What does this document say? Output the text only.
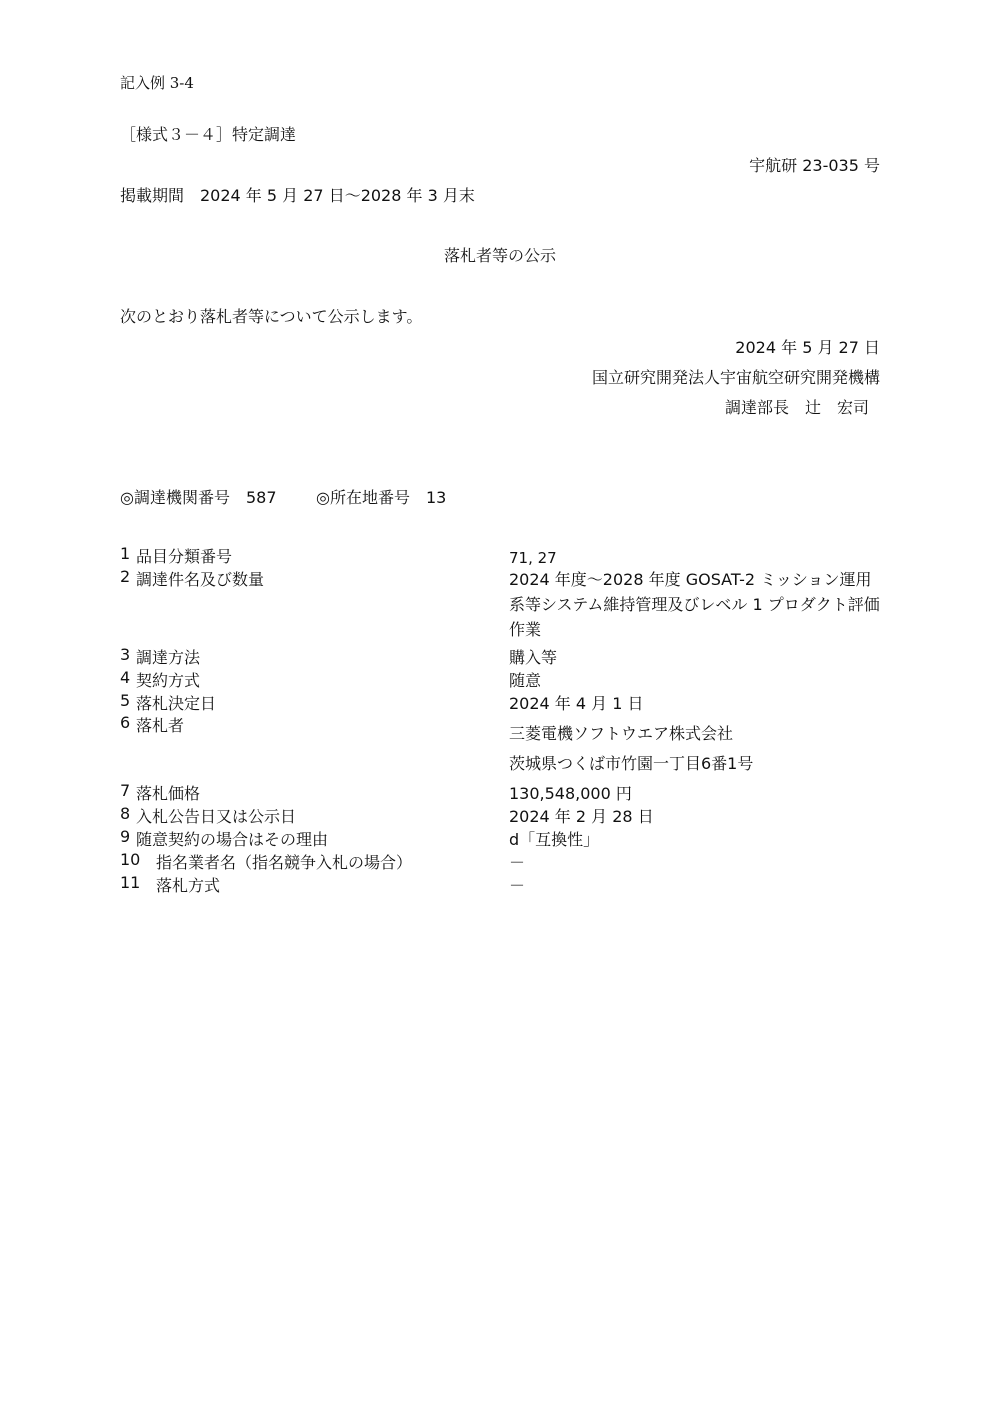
記入例 3-4
［様式３－４］特定調達
宇航研 23-035 号
掲載期間　2024 年 5 月 27 日～2028 年 3 月末
落札者等の公示
次のとおり落札者等について公示します。
2024 年 5 月 27 日
国立研究開発法人宇宙航空研究開発機構
調達部長　辻　宏司
◎調達機関番号　587 ◎所在地番号　13
1 品目分類番号	71, 27
2 調達件名及び数量	2024 年度～2028 年度 GOSAT-2 ミッション運用系等システム維持管理及びレベル 1 プロダクト評価作業
3 調達方法	購入等
4 契約方式	随意
5 落札決定日	2024 年 4 月 1 日
6 落札者	三菱電機ソフトウエア株式会社
茨城県つくば市竹園一丁目6番1号
7 落札価格	130,548,000 円
8 入札公告日又は公示日	2024 年 2 月 28 日
9 随意契約の場合はその理由	d「互換性」
10 指名業者名（指名競争入札の場合）	－
11 落札方式	－
